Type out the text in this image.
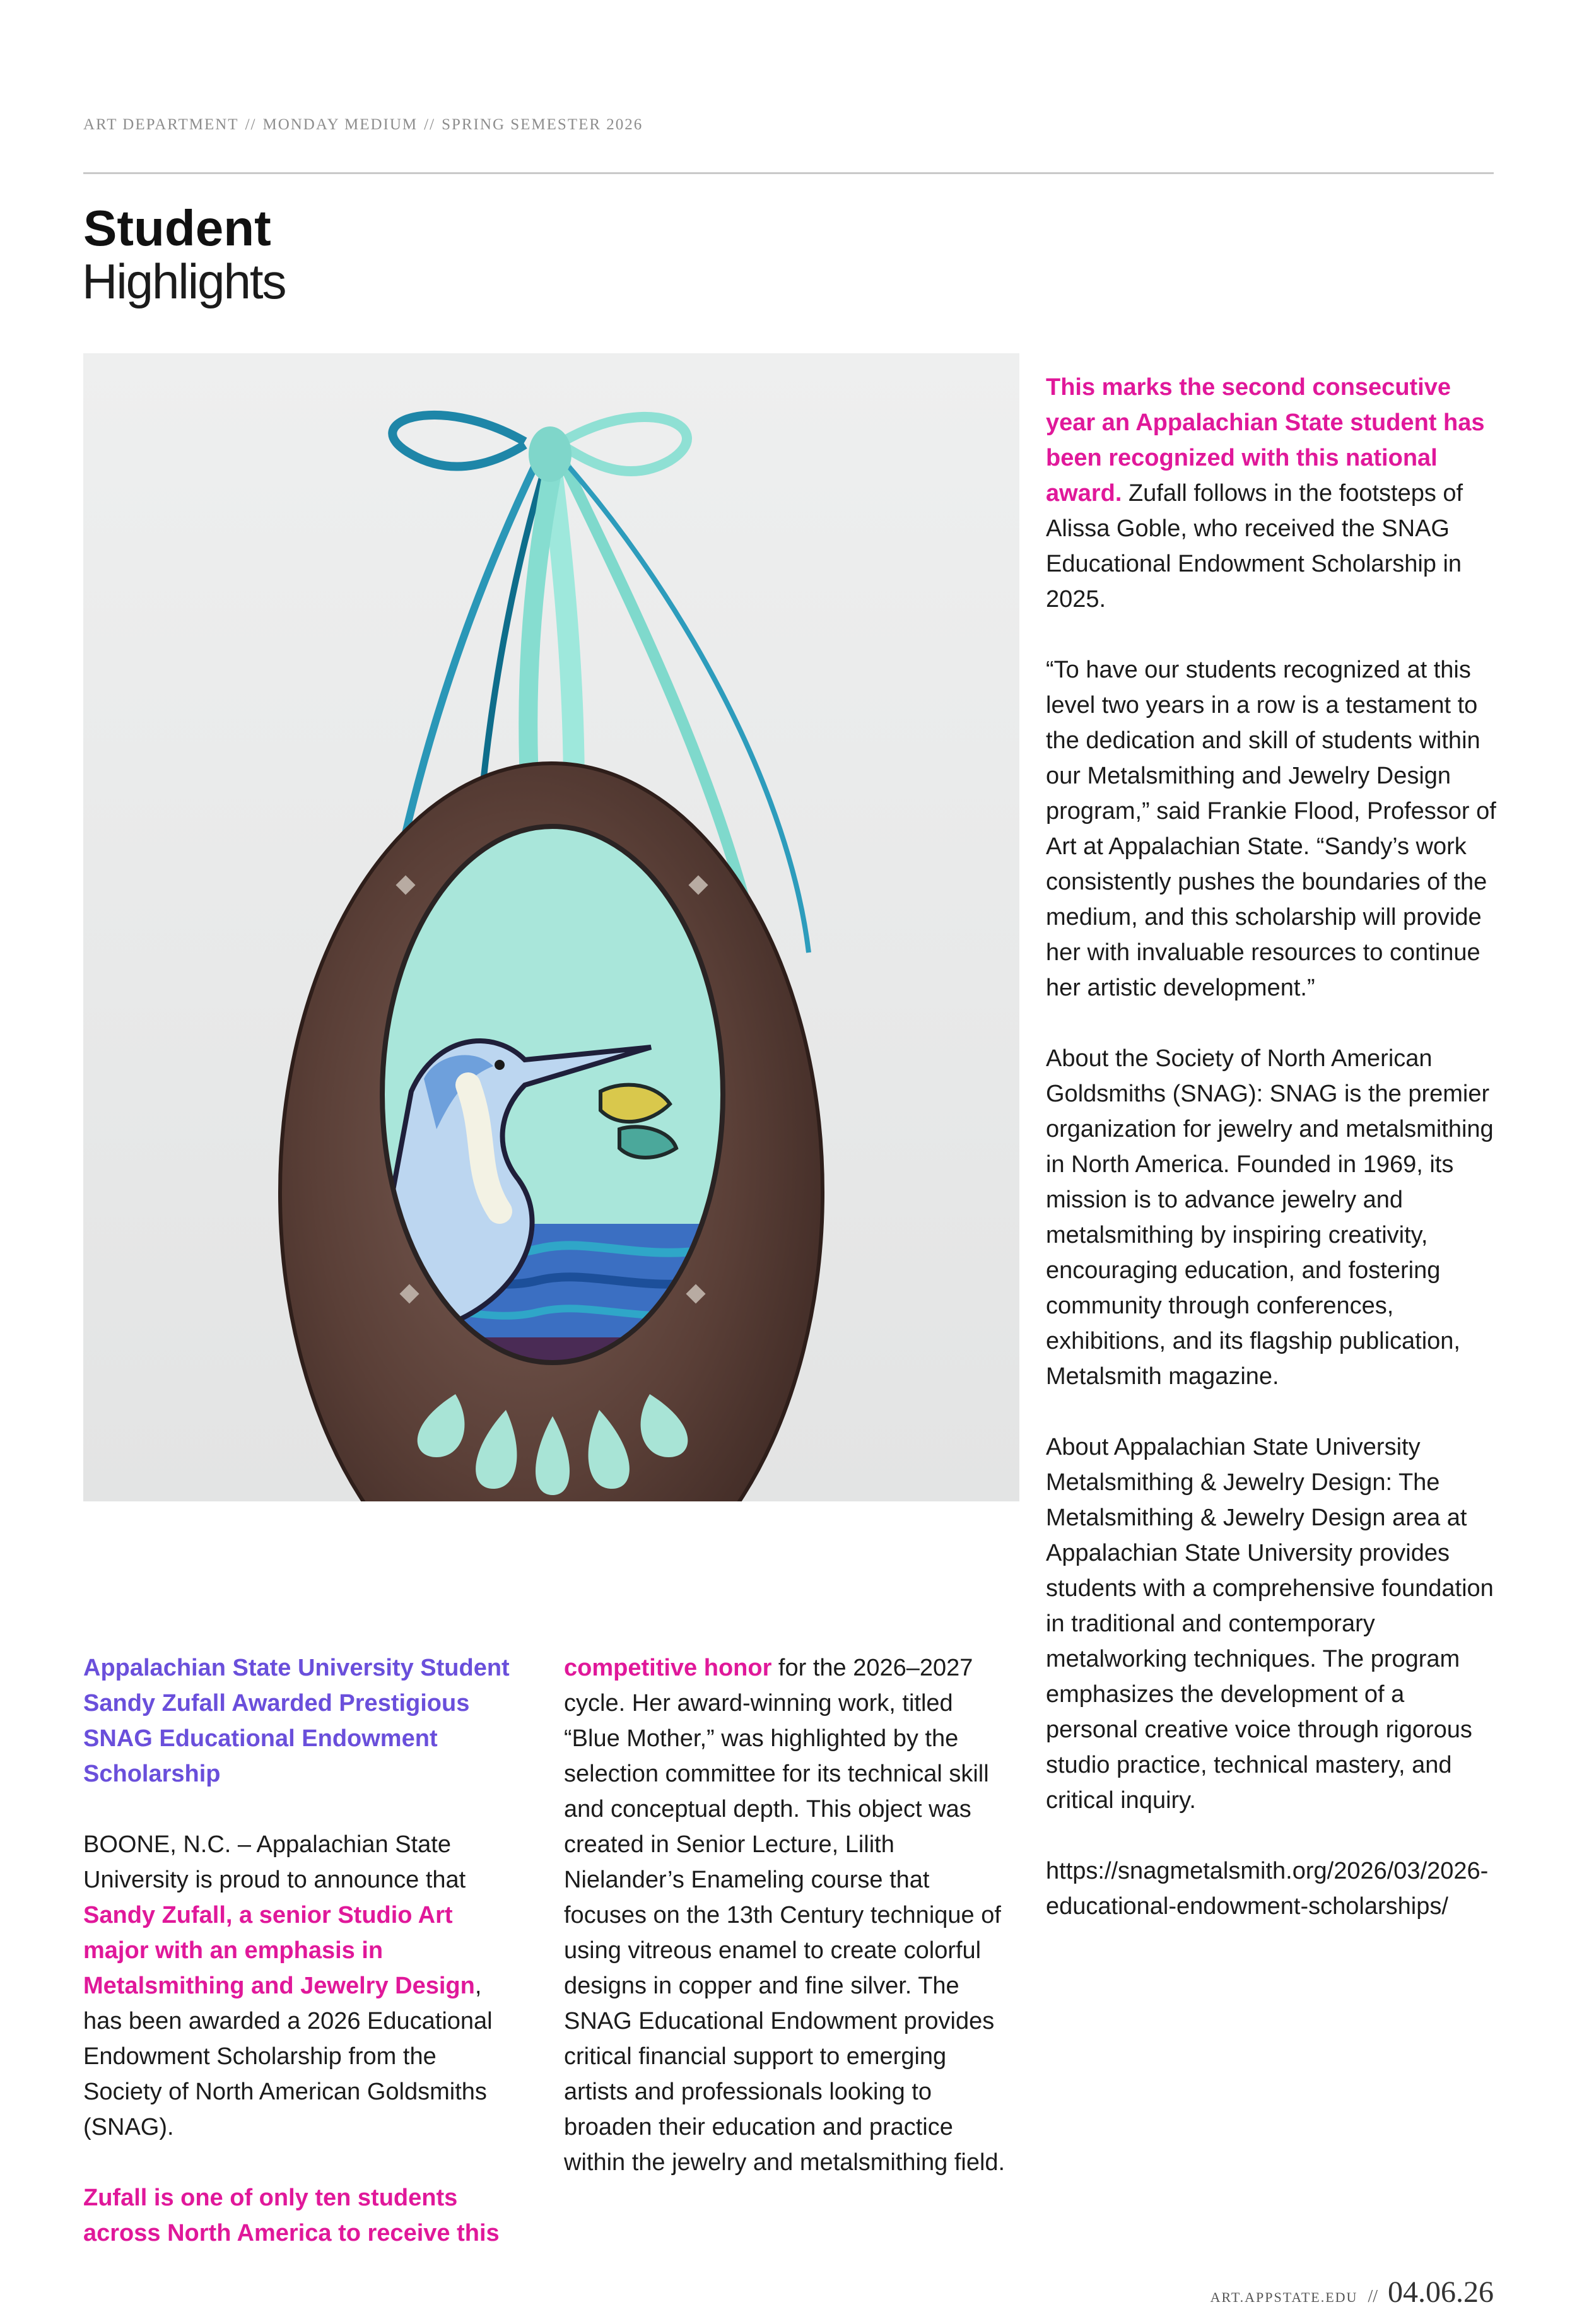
ART DEPARTMENT // MONDAY MEDIUM // SPRING SEMESTER 2026
Student
Highlights

Appalachian State University Student Sandy Zufall Awarded Prestigious SNAG Educational Endowment Scholarship

BOONE, N.C. – Appalachian State University is proud to announce that Sandy Zufall, a senior Studio Art major with an emphasis in Metalsmithing and Jewelry Design, has been awarded a 2026 Educational Endowment Scholarship from the Society of North American Goldsmiths (SNAG).

Zufall is one of only ten students across North America to receive this

competitive honor for the 2026–2027 cycle. Her award-winning work, titled “Blue Mother,” was highlighted by the selection committee for its technical skill and conceptual depth. This object was created in Senior Lecture, Lilith Nielander’s Enameling course that focuses on the 13th Century technique of using vitreous enamel to create colorful designs in copper and fine silver. The SNAG Educational Endowment provides critical financial support to emerging artists and professionals looking to broaden their education and practice within the jewelry and metalsmithing field.

This marks the second consecutive year an Appalachian State student has been recognized with this national award. Zufall follows in the footsteps of Alissa Goble, who received the SNAG Educational Endowment Scholarship in 2025.

“To have our students recognized at this level two years in a row is a testament to the dedication and skill of students within our Metalsmithing and Jewelry Design program,” said Frankie Flood, Professor of Art at Appalachian State. “Sandy’s work consistently pushes the boundaries of the medium, and this scholarship will provide her with invaluable resources to continue her artistic development.”

About the Society of North American Goldsmiths (SNAG): SNAG is the premier organization for jewelry and metalsmithing in North America. Founded in 1969, its mission is to advance jewelry and metalsmithing by inspiring creativity, encouraging education, and fostering community through conferences, exhibitions, and its flagship publication, Metalsmith magazine.

About Appalachian State University Metalsmithing & Jewelry Design: The Metalsmithing & Jewelry Design area at Appalachian State University provides students with a comprehensive foundation in traditional and contemporary metalworking techniques. The program emphasizes the development of a personal creative voice through rigorous studio practice, technical mastery, and critical inquiry.

https://snagmetalsmith.org/2026/03/2026-educational-endowment-scholarships/

ART.APPSTATE.EDU // 04.06.26
